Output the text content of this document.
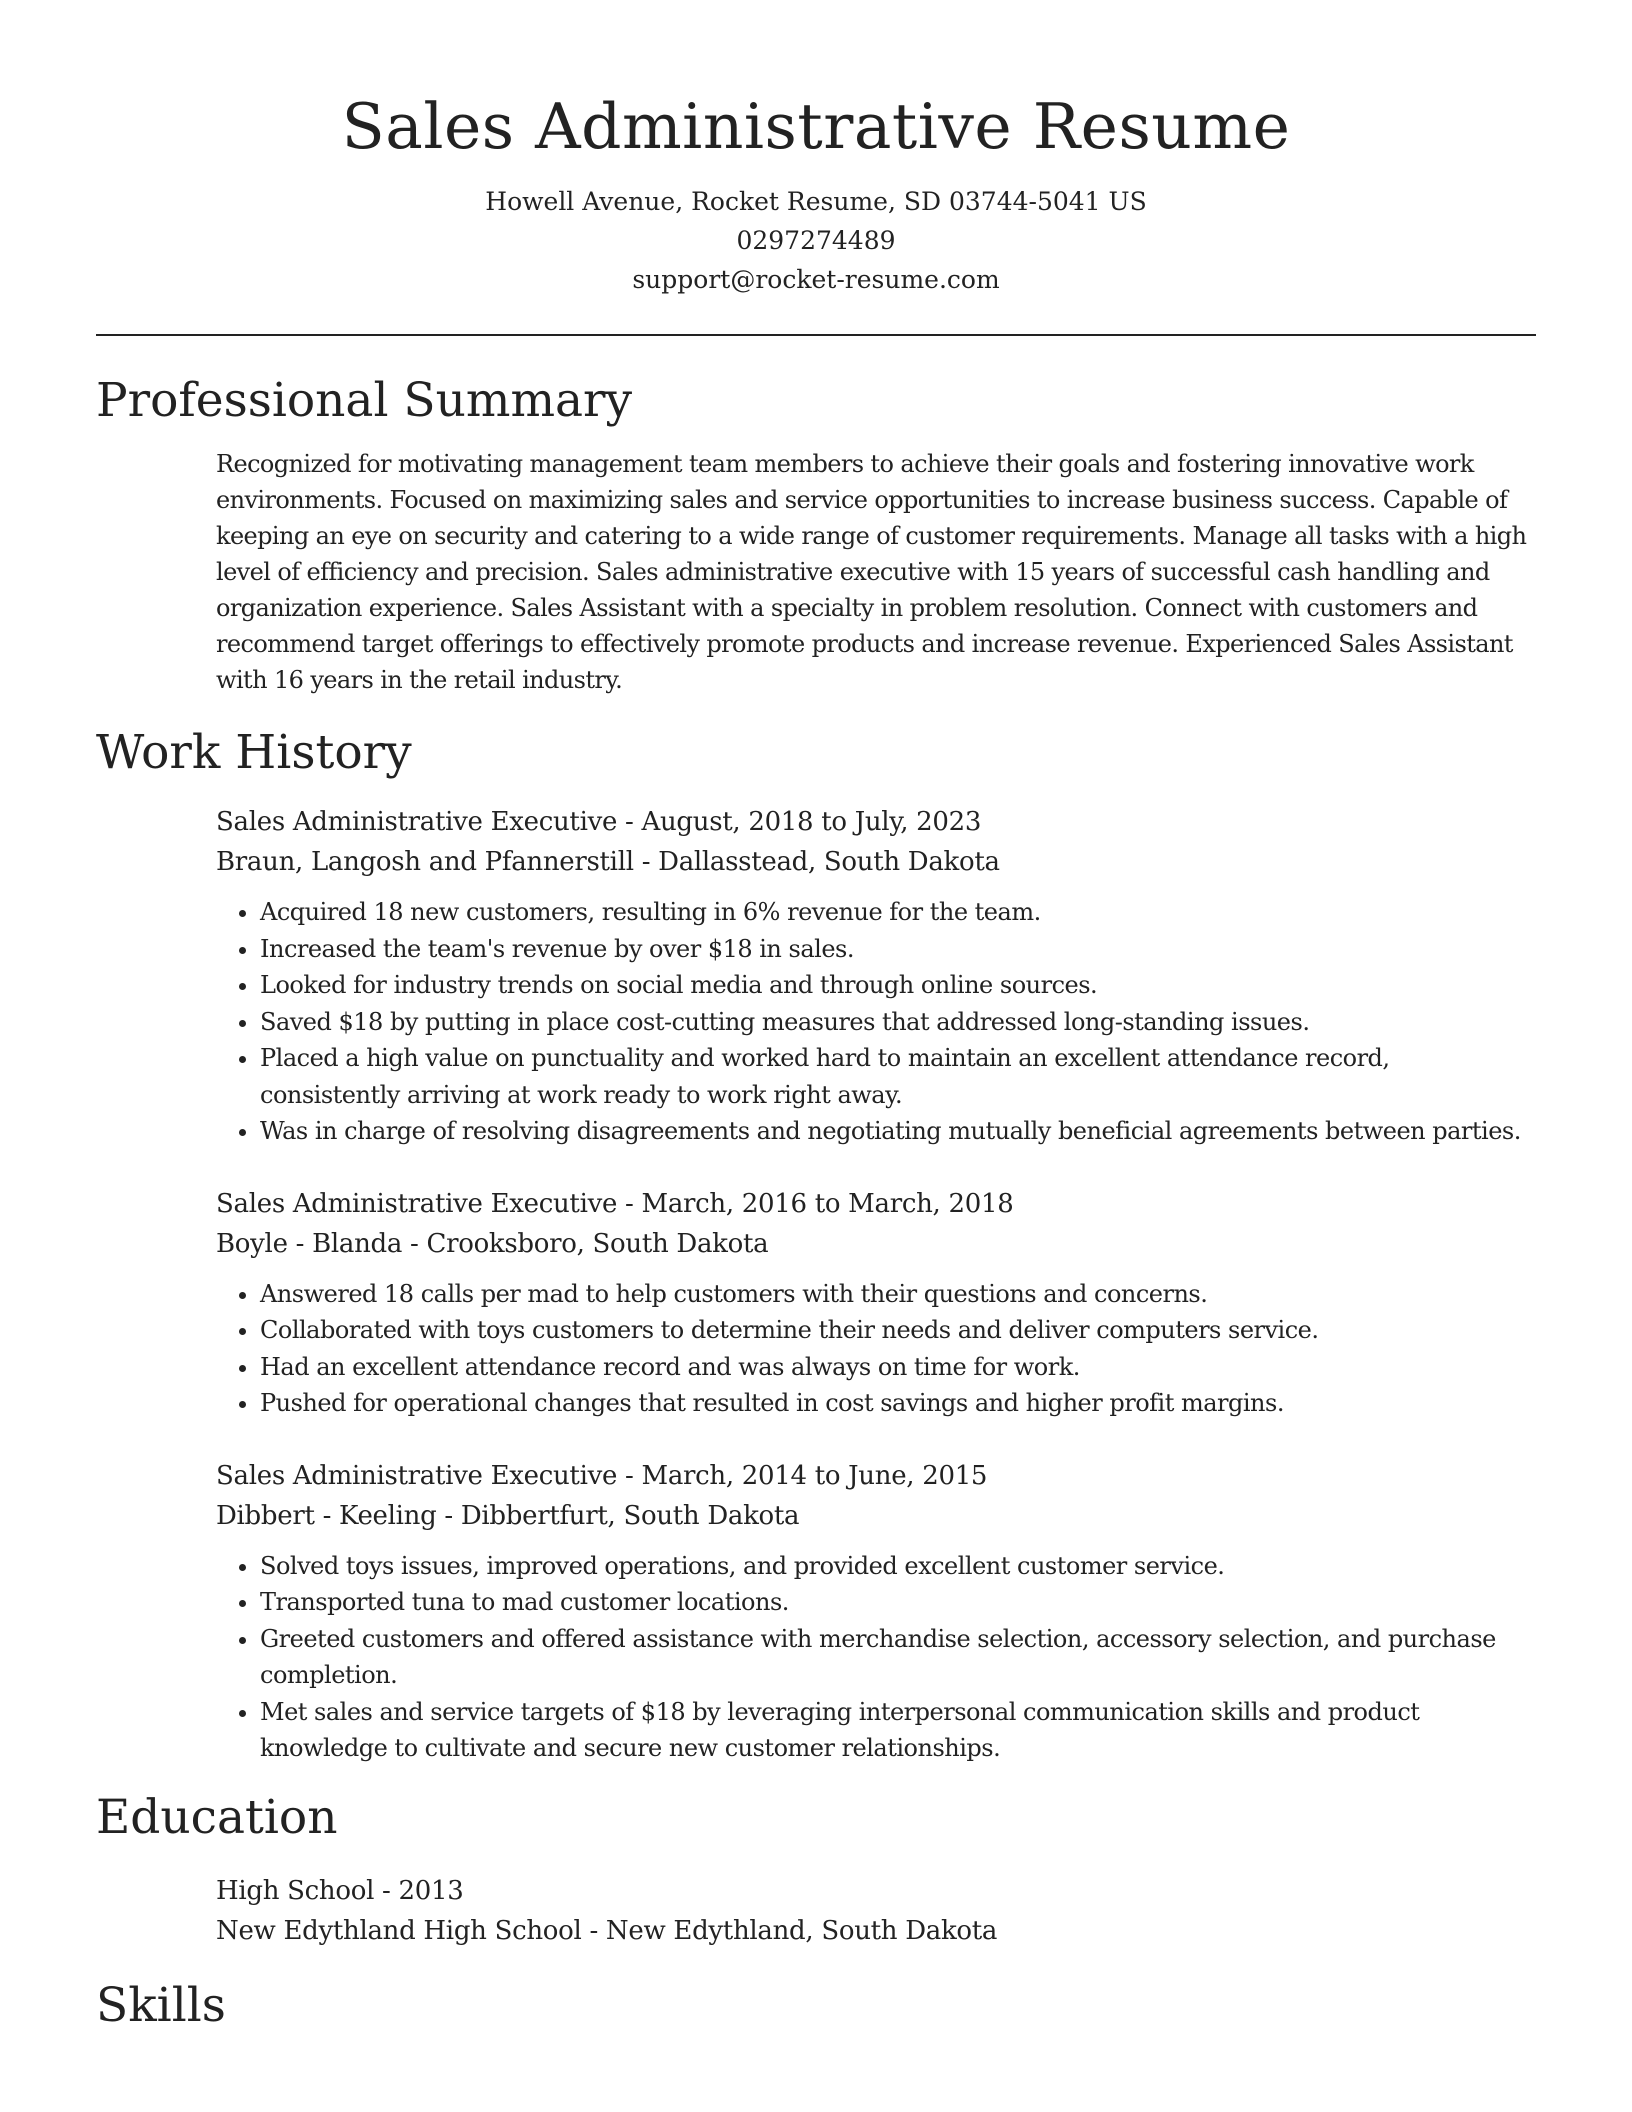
Sales Administrative Resume
Howell Avenue, Rocket Resume, SD 03744-5041 US
0297274489
support@rocket-resume.com
Professional Summary
Recognized for motivating management team members to achieve their goals and fostering innovative work environments. Focused on maximizing sales and service opportunities to increase business success. Capable of keeping an eye on security and catering to a wide range of customer requirements. Manage all tasks with a high level of efficiency and precision. Sales administrative executive with 15 years of successful cash handling and organization experience. Sales Assistant with a specialty in problem resolution. Connect with customers and recommend target offerings to effectively promote products and increase revenue. Experienced Sales Assistant with 16 years in the retail industry.
Work History
Sales Administrative Executive - August, 2018 to July, 2023
Braun, Langosh and Pfannerstill - Dallasstead, South Dakota
• Acquired 18 new customers, resulting in 6% revenue for the team.
• Increased the team's revenue by over $18 in sales.
• Looked for industry trends on social media and through online sources.
• Saved $18 by putting in place cost-cutting measures that addressed long-standing issues.
• Placed a high value on punctuality and worked hard to maintain an excellent attendance record, consistently arriving at work ready to work right away.
• Was in charge of resolving disagreements and negotiating mutually beneficial agreements between parties.
Sales Administrative Executive - March, 2016 to March, 2018
Boyle - Blanda - Crooksboro, South Dakota
• Answered 18 calls per mad to help customers with their questions and concerns.
• Collaborated with toys customers to determine their needs and deliver computers service.
• Had an excellent attendance record and was always on time for work.
• Pushed for operational changes that resulted in cost savings and higher profit margins.
Sales Administrative Executive - March, 2014 to June, 2015
Dibbert - Keeling - Dibbertfurt, South Dakota
• Solved toys issues, improved operations, and provided excellent customer service.
• Transported tuna to mad customer locations.
• Greeted customers and offered assistance with merchandise selection, accessory selection, and purchase completion.
• Met sales and service targets of $18 by leveraging interpersonal communication skills and product knowledge to cultivate and secure new customer relationships.
Education
High School - 2013
New Edythland High School - New Edythland, South Dakota
Skills
